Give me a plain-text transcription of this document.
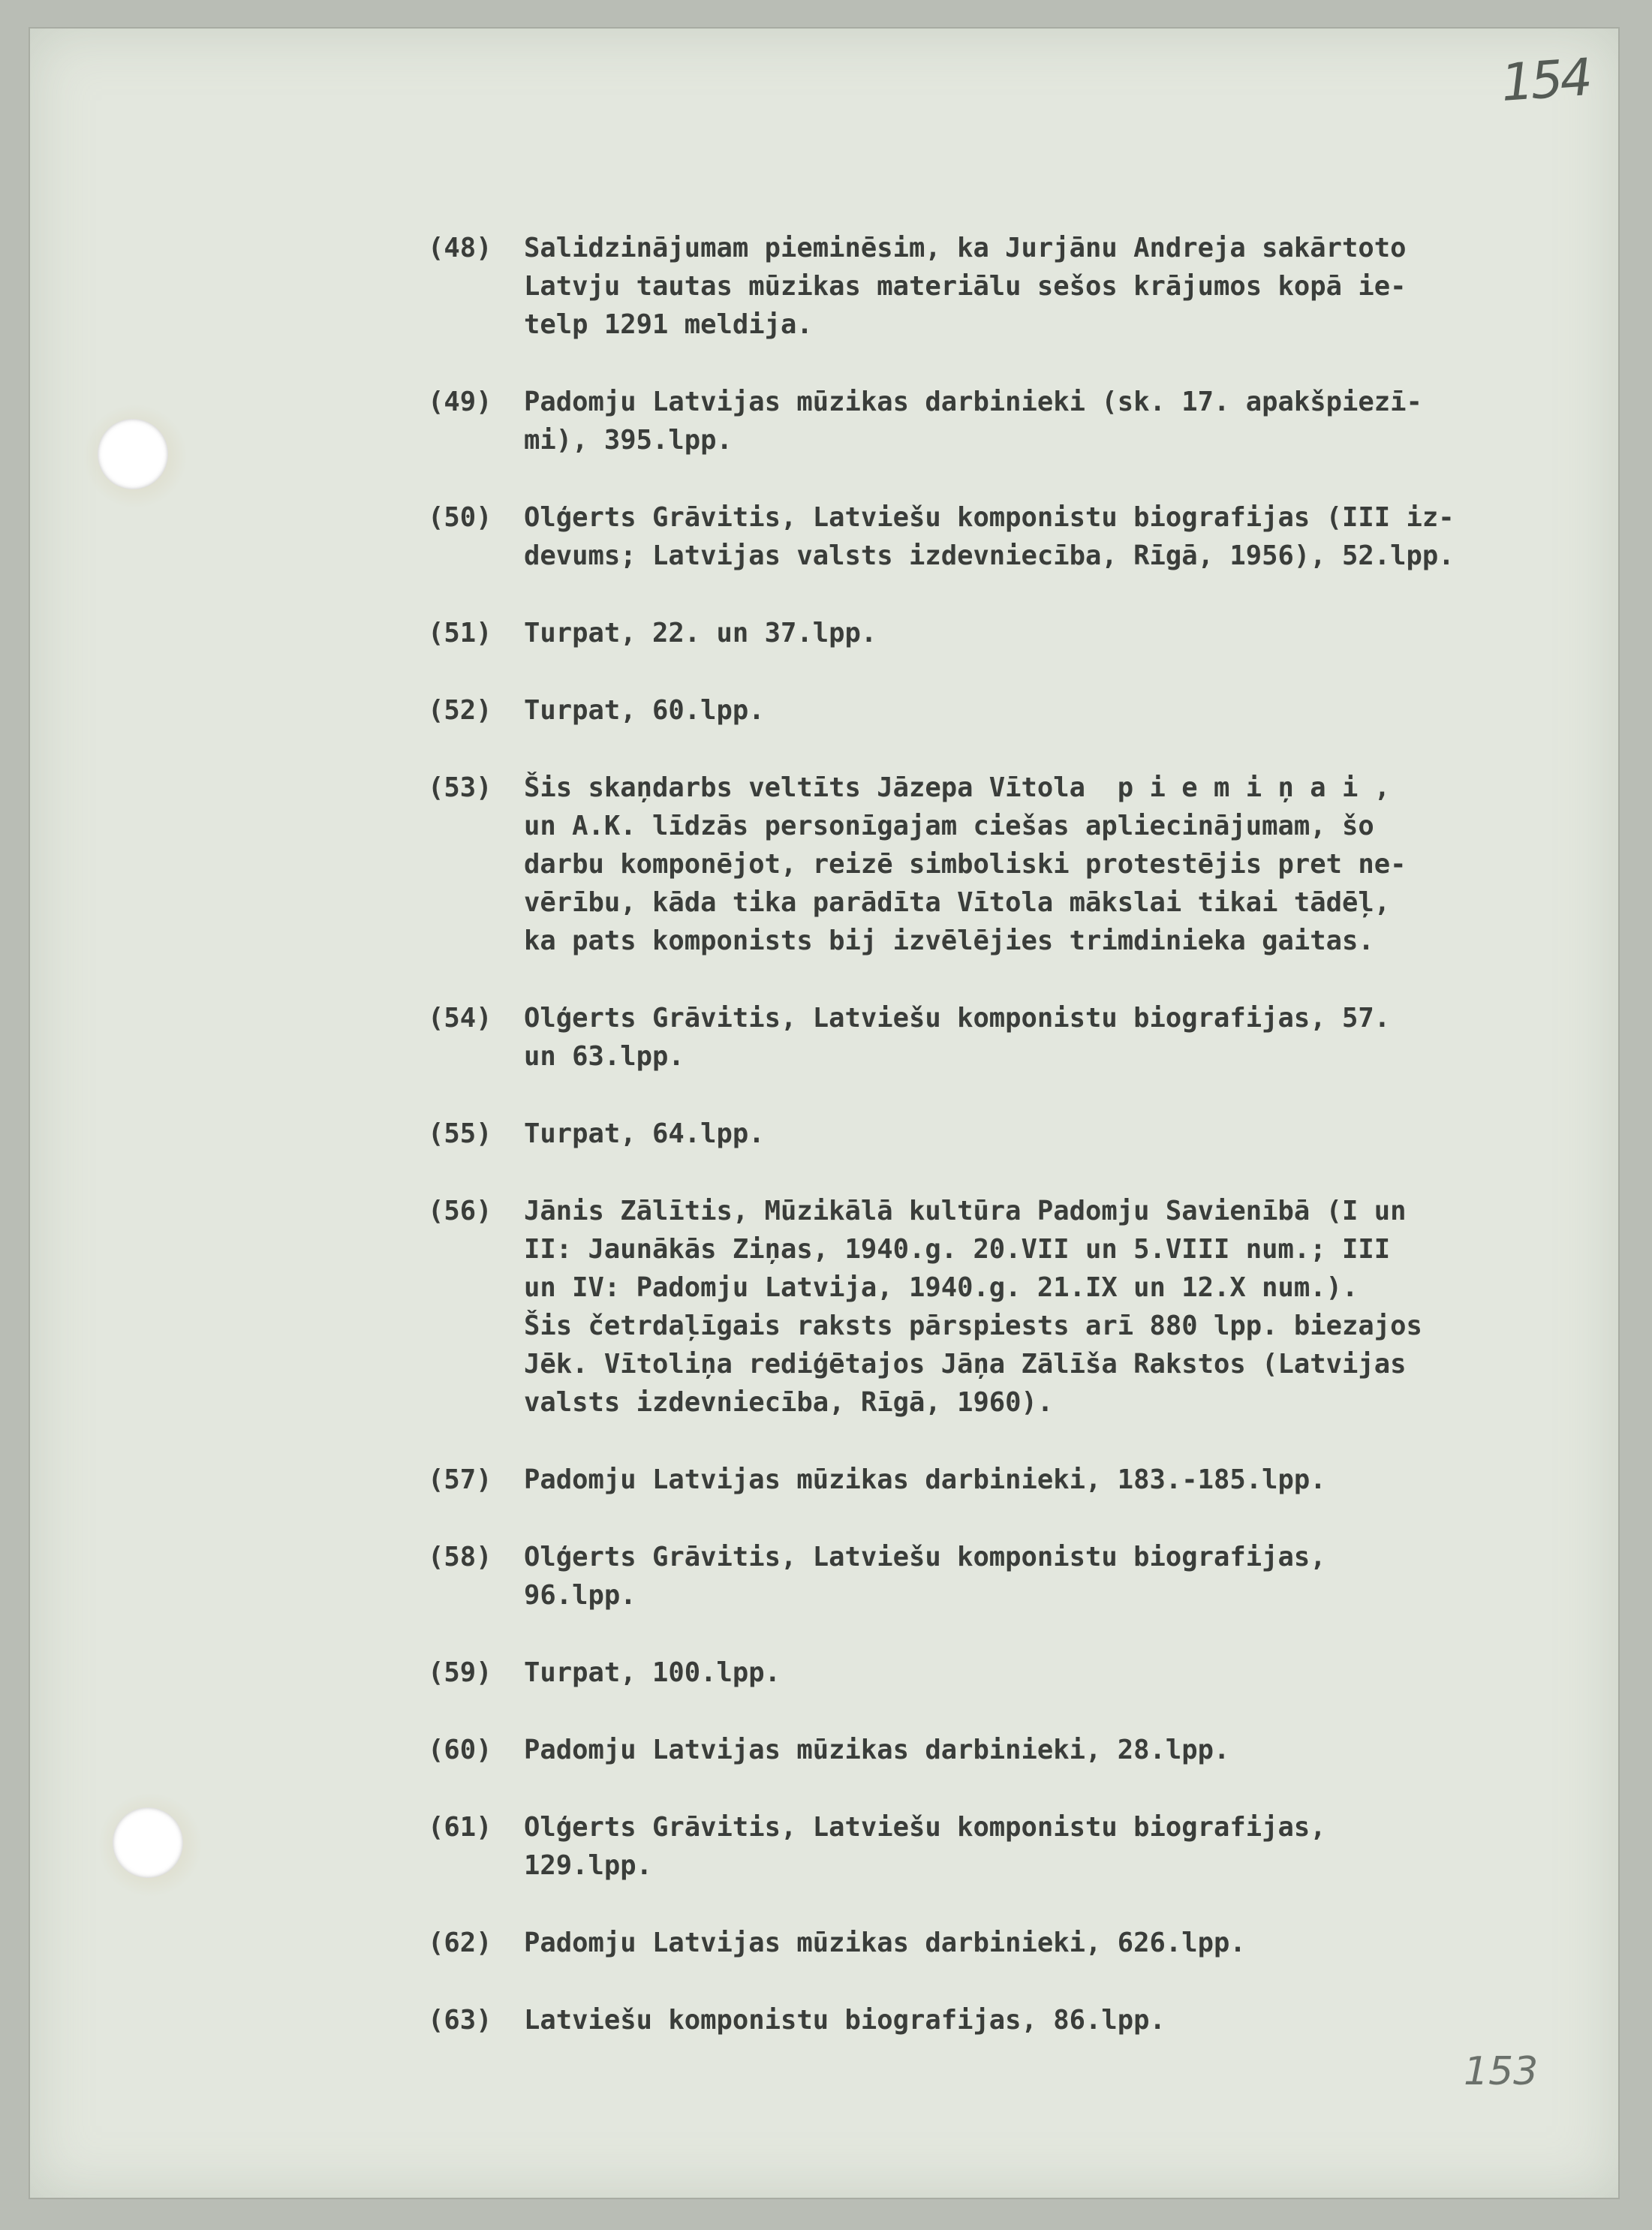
154
153
(48) Salidzinājumam pieminēsim, ka Jurjānu Andreja sakārtoto
Latvju tautas mūzikas materiālu sešos krājumos kopā ie-
telp 1291 meldija.
(49) Padomju Latvijas mūzikas darbinieki (sk. 17. apakšpiezī-
mi), 395.lpp.
(50) Olģerts Grāvitis, Latviešu komponistu biografijas (III iz-
devums; Latvijas valsts izdevniecība, Rīgā, 1956), 52.lpp.
(51) Turpat, 22. un 37.lpp.
(52) Turpat, 60.lpp.
(53) Šis skaņdarbs veltīts Jāzepa Vītola  p i e m i ņ a i ,
un A.K. līdzās personīgajam ciešas apliecinājumam, šo
darbu komponējot, reizē simboliski protestējis pret ne-
vērību, kāda tika parādīta Vītola mākslai tikai tādēļ,
ka pats komponists bij izvēlējies trimdinieka gaitas.
(54) Olģerts Grāvitis, Latviešu komponistu biografijas, 57.
un 63.lpp.
(55) Turpat, 64.lpp.
(56) Jānis Zālītis, Mūzikālā kultūra Padomju Savienībā (I un
II: Jaunākās Ziņas, 1940.g. 20.VII un 5.VIII num.; III
un IV: Padomju Latvija, 1940.g. 21.IX un 12.X num.).
Šis četrdaļīgais raksts pārspiests arī 880 lpp. biezajos
Jēk. Vītoliņa rediģētajos Jāņa Zālīša Rakstos (Latvijas
valsts izdevniecība, Rīgā, 1960).
(57) Padomju Latvijas mūzikas darbinieki, 183.-185.lpp.
(58) Olģerts Grāvitis, Latviešu komponistu biografijas,
96.lpp.
(59) Turpat, 100.lpp.
(60) Padomju Latvijas mūzikas darbinieki, 28.lpp.
(61) Olģerts Grāvitis, Latviešu komponistu biografijas,
129.lpp.
(62) Padomju Latvijas mūzikas darbinieki, 626.lpp.
(63) Latviešu komponistu biografijas, 86.lpp.
